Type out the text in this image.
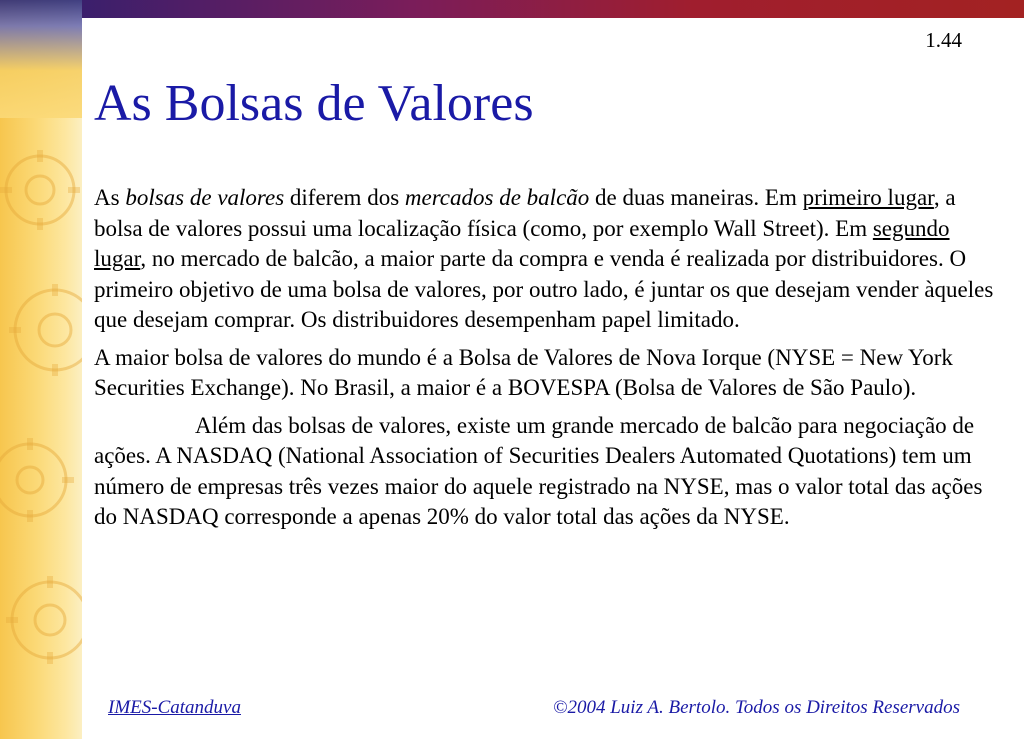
1.44
As Bolsas de Valores

As bolsas de valores diferem dos mercados de balcão de duas maneiras. Em primeiro lugar, a bolsa de valores possui uma localização física (como, por exemplo Wall Street). Em segundo lugar, no mercado de balcão, a maior parte da compra e venda é realizada por distribuidores. O primeiro objetivo de uma bolsa de valores, por outro lado, é juntar os que desejam vender àqueles que desejam comprar. Os distribuidores desempenham papel limitado.

A maior bolsa de valores do mundo é a Bolsa de Valores de Nova Iorque (NYSE = New York Securities Exchange). No Brasil, a maior é a BOVESPA (Bolsa de Valores de São Paulo).

Além das bolsas de valores, existe um grande mercado de balcão para negociação de ações. A NASDAQ (National Association of Securities Dealers Automated Quotations) tem um número de empresas três vezes maior do aquele registrado na NYSE, mas o valor total das ações do NASDAQ corresponde a apenas 20% do valor total das ações da NYSE.

IMES-Catanduva	©2004 Luiz A. Bertolo. Todos os Direitos Reservados
